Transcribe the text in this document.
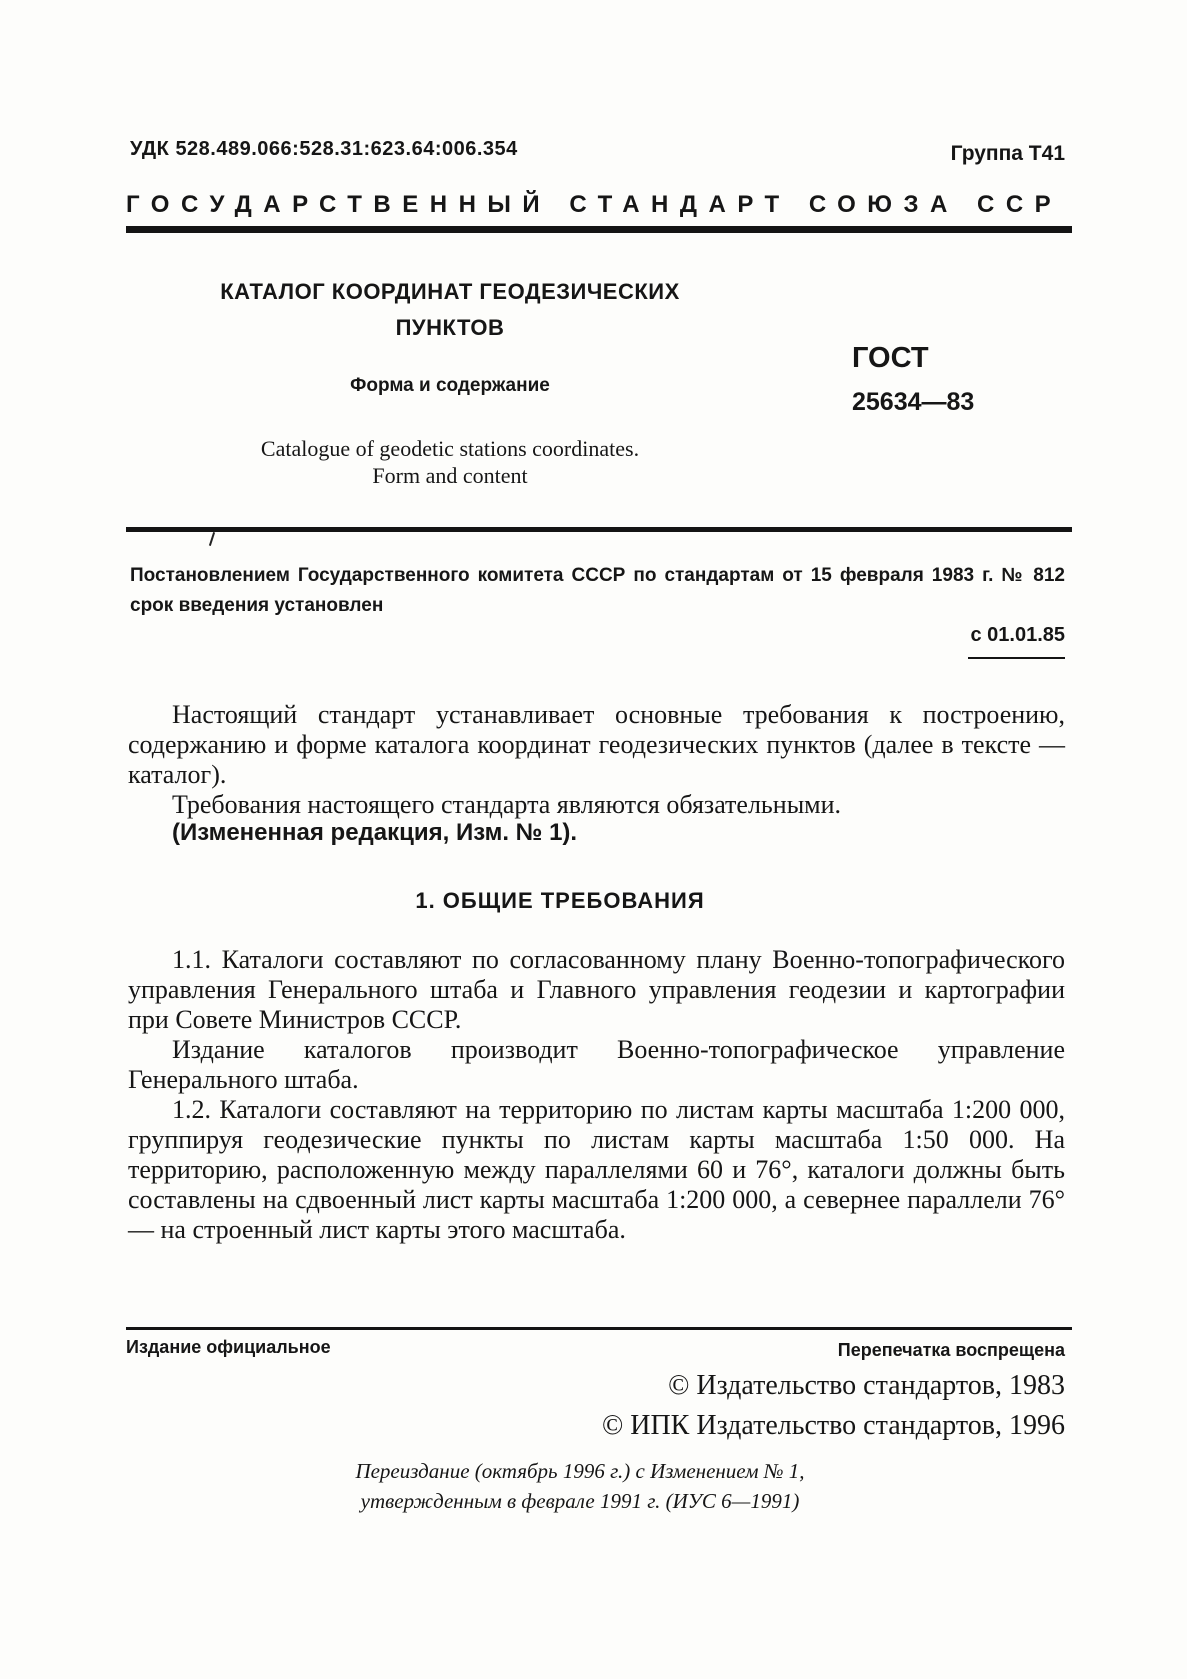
УДК 528.489.066:528.31:623.64:006.354	Группа Т41
ГОСУДАРСТВЕННЫЙ СТАНДАРТ СОЮЗА ССР
КАТАЛОГ КООРДИНАТ ГЕОДЕЗИЧЕСКИХ
ПУНКТОВ
Форма и содержание
ГОСТ
25634—83
Catalogue of geodetic stations coordinates.
Form and content
Постановлением Государственного комитета СССР по стандартам от 15 февраля 1983 г. № 812 срок введения установлен
с 01.01.85

Настоящий стандарт устанавливает основные требования к построению, содержанию и форме каталога координат геодезических пунктов (далее в тексте — каталог).

Требования настоящего стандарта являются обязательными.

(Измененная редакция, Изм. № 1).
1. ОБЩИЕ ТРЕБОВАНИЯ

1.1. Каталоги составляют по согласованному плану Военно-топографического управления Генерального штаба и Главного управления геодезии и картографии при Совете Министров СССР.

Издание каталогов производит Военно-топографическое управление Генерального штаба.

1.2. Каталоги составляют на территорию по листам карты масштаба 1:200 000, группируя геодезические пункты по листам карты масштаба 1:50 000. На территорию, расположенную между параллелями 60 и 76°, каталоги должны быть составлены на сдвоенный лист карты масштаба 1:200 000, а севернее параллели 76° — на строенный лист карты этого масштаба.

Издание официальное	Перепечатка воспрещена
© Издательство стандартов, 1983
© ИПК Издательство стандартов, 1996
Переиздание (октябрь 1996 г.) с Изменением № 1,
утвержденным в феврале 1991 г. (ИУС 6—1991)
